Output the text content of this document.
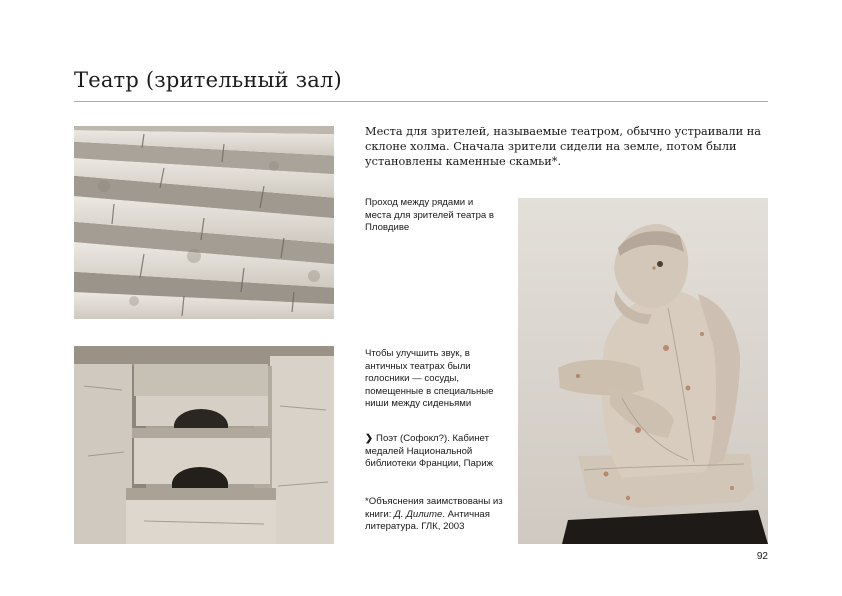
Театр (зрительный зал)

Места для зрителей, называемые театром, обычно устраивали на склоне холма. Сначала зрители сидели на земле, потом были установлены каменные скамьи*.

Проход между рядами и места для зрителей театра в Пловдиве

Чтобы улучшить звук, в античных театрах были голосники — сосуды, помещенные в специальные ниши между сиденьями

❯ Поэт (Софокл?). Кабинет медалей Национальной библиотеки Франции, Париж

*Объяснения заимствованы из книги: Д. Дилите. Античная литература. ГЛК, 2003

92
